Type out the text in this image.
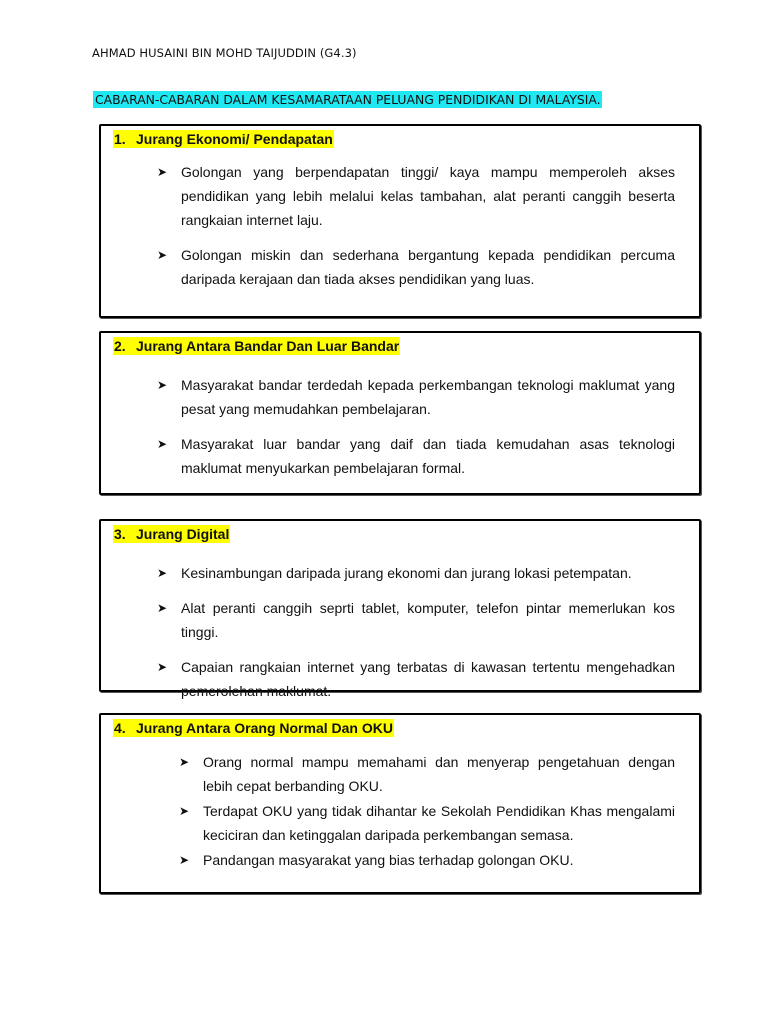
AHMAD HUSAINI BIN MOHD TAIJUDDIN (G4.3)
CABARAN-CABARAN DALAM KESAMARATAAN PELUANG PENDIDIKAN DI MALAYSIA.
1. Jurang Ekonomi/ Pendapatan
➤ Golongan yang berpendapatan tinggi/ kaya mampu memperoleh akses pendidikan yang lebih melalui kelas tambahan, alat peranti canggih beserta rangkaian internet laju.
➤ Golongan miskin dan sederhana bergantung kepada pendidikan percuma daripada kerajaan dan tiada akses pendidikan yang luas.
2. Jurang Antara Bandar Dan Luar Bandar
➤ Masyarakat bandar terdedah kepada perkembangan teknologi maklumat yang pesat yang memudahkan pembelajaran.
➤ Masyarakat luar bandar yang daif dan tiada kemudahan asas teknologi maklumat menyukarkan pembelajaran formal.
3. Jurang Digital
➤ Kesinambungan daripada jurang ekonomi dan jurang lokasi petempatan.
➤ Alat peranti canggih seprti tablet, komputer, telefon pintar memerlukan kos tinggi.
➤ Capaian rangkaian internet yang terbatas di kawasan tertentu mengehadkan pemerolehan maklumat.
4. Jurang Antara Orang Normal Dan OKU
➤ Orang normal mampu memahami dan menyerap pengetahuan dengan lebih cepat berbanding OKU.
➤ Terdapat OKU yang tidak dihantar ke Sekolah Pendidikan Khas mengalami keciciran dan ketinggalan daripada perkembangan semasa.
➤ Pandangan masyarakat yang bias terhadap golongan OKU.
